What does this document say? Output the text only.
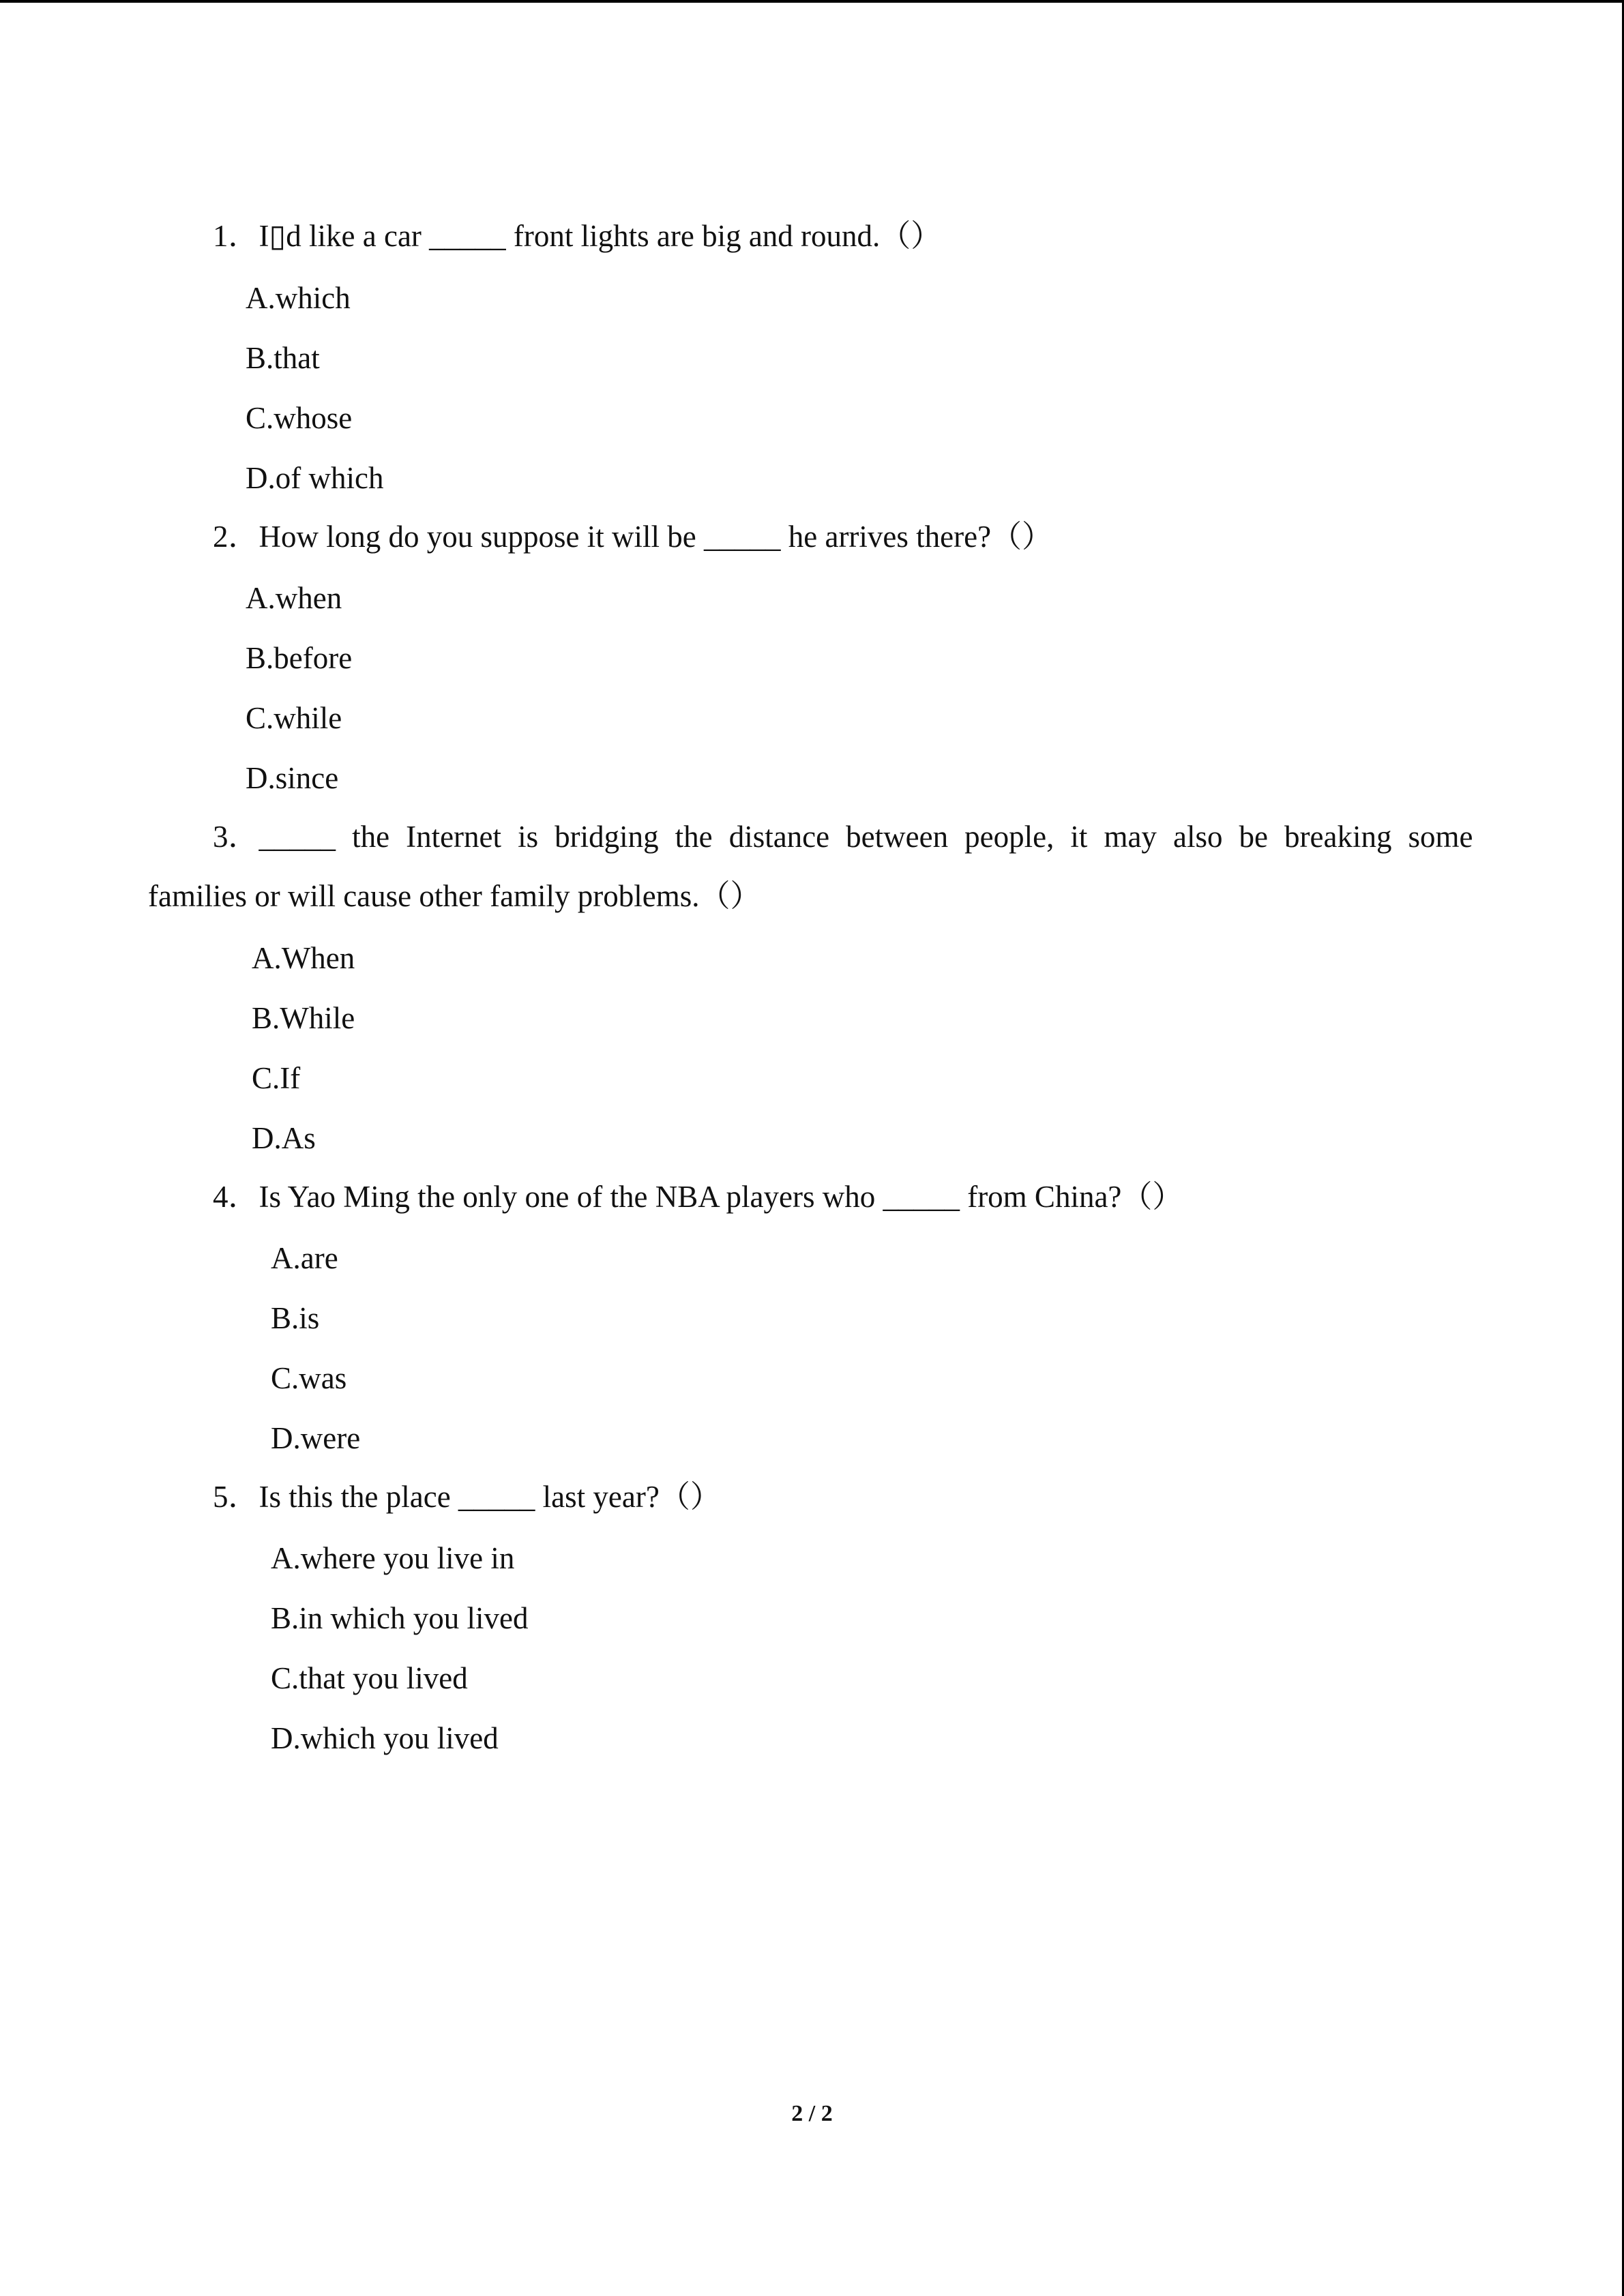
1．I▯d like a car _____ front lights are big and round.（）
A.which
B.that
C.whose
D.of which
2．How long do you suppose it will be _____ he arrives there?（）
A.when
B.before
C.while
D.since
3．_____ the Internet is bridging the distance between people, it may also be breaking some
families or will cause other family problems.（）
A.When
B.While
C.If
D.As
4．Is Yao Ming the only one of the NBA players who _____ from China?（）
A.are
B.is
C.was
D.were
5．Is this the place _____ last year?（）
A.where you live in
B.in which you lived
C.that you lived
D.which you lived
2 / 2
